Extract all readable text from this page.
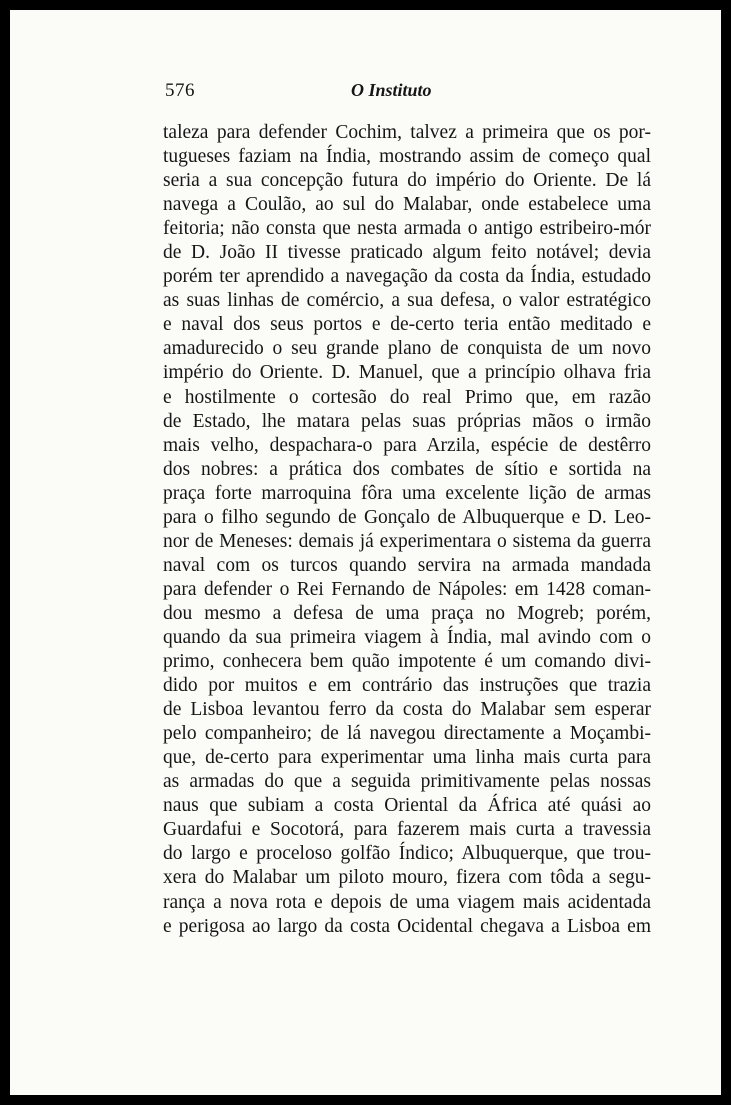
576	O Instituto
taleza para defender Cochim, talvez a primeira que os por-
tugueses faziam na Índia, mostrando assim de começo qual
seria a sua concepção futura do império do Oriente. De lá
navega a Coulão, ao sul do Malabar, onde estabelece uma
feitoria; não consta que nesta armada o antigo estribeiro-mór
de D. João II tivesse praticado algum feito notável; devia
porém ter aprendido a navegação da costa da Índia, estudado
as suas linhas de comércio, a sua defesa, o valor estratégico
e naval dos seus portos e de-certo teria então meditado e
amadurecido o seu grande plano de conquista de um novo
império do Oriente. D. Manuel, que a princípio olhava fria
e hostilmente o cortesão do real Primo que, em razão
de Estado, lhe matara pelas suas próprias mãos o irmão
mais velho, despachara-o para Arzila, espécie de destêrro
dos nobres: a prática dos combates de sítio e sortida na
praça forte marroquina fôra uma excelente lição de armas
para o filho segundo de Gonçalo de Albuquerque e D. Leo-
nor de Meneses: demais já experimentara o sistema da guerra
naval com os turcos quando servira na armada mandada
para defender o Rei Fernando de Nápoles: em 1428 coman-
dou mesmo a defesa de uma praça no Mogreb; porém,
quando da sua primeira viagem à Índia, mal avindo com o
primo, conhecera bem quão impotente é um comando divi-
dido por muitos e em contrário das instruções que trazia
de Lisboa levantou ferro da costa do Malabar sem esperar
pelo companheiro; de lá navegou directamente a Moçambi-
que, de-certo para experimentar uma linha mais curta para
as armadas do que a seguida primitivamente pelas nossas
naus que subiam a costa Oriental da África até quási ao
Guardafui e Socotorá, para fazerem mais curta a travessia
do largo e proceloso golfão Índico; Albuquerque, que trou-
xera do Malabar um piloto mouro, fizera com tôda a segu-
rança a nova rota e depois de uma viagem mais acidentada
e perigosa ao largo da costa Ocidental chegava a Lisboa em
